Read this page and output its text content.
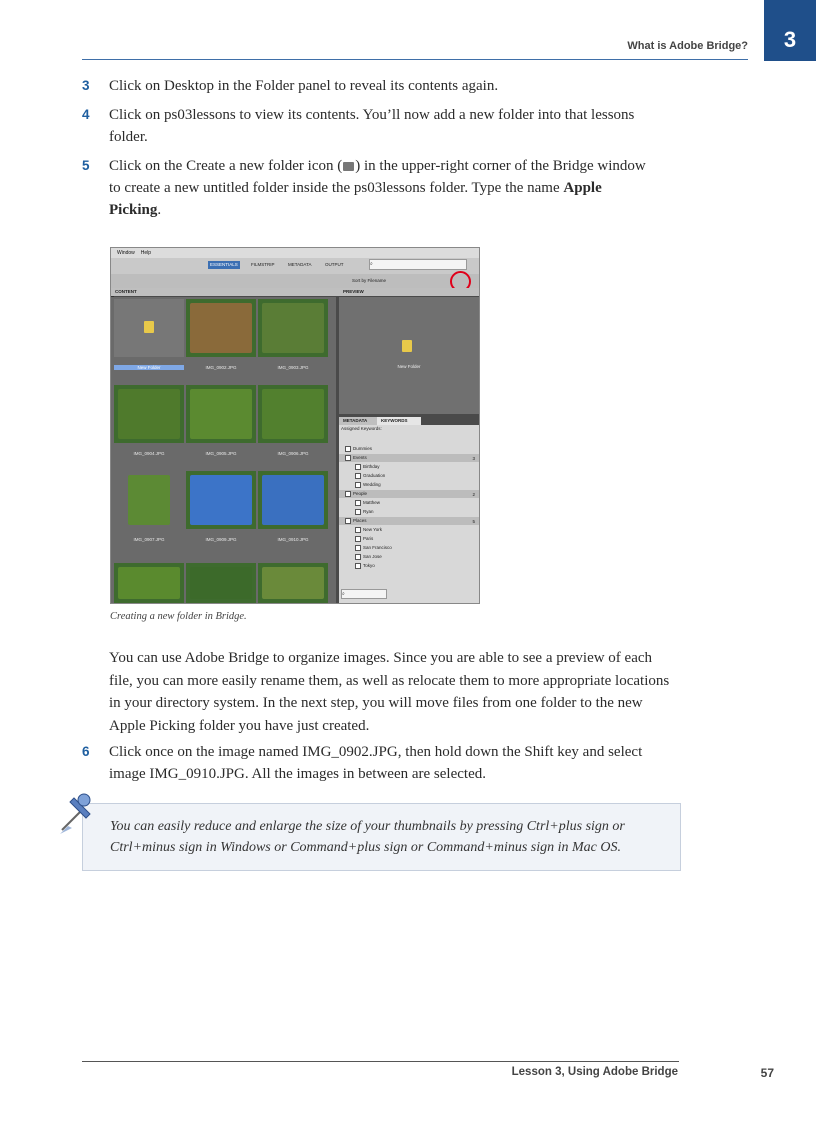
What is Adobe Bridge?	3
3 Click on Desktop in the Folder panel to reveal its contents again.
4 Click on ps03lessons to view its contents. You’ll now add a new folder into that lessons folder.
5 Click on the Create a new folder icon ( ) in the upper-right corner of the Bridge window to create a new untitled folder inside the ps03lessons folder. Type the name Apple Picking.
Window Help
ESSENTIALS	FILMSTRIP	METADATA	OUTPUT	⌕
Sort by Filename
CONTENT	PREVIEW
New Folder	IMG_0902.JPG	IMG_0903.JPG
IMG_0904.JPG	IMG_0905.JPG	IMG_0906.JPG
IMG_0907.JPG	IMG_0909.JPG	IMG_0910.JPG
New Folder
METADATA	KEYWORDS
Assigned Keywords:
Dummies
Events	3
Birthday
Graduation
Wedding
People	2
Matthew
Ryan
Places	5
New York
Paris
San Francisco
San Jose
Tokyo
⌕
Creating a new folder in Bridge.
You can use Adobe Bridge to organize images. Since you are able to see a preview of each file, you can more easily rename them, as well as relocate them to more appropriate locations in your directory system. In the next step, you will move files from one folder to the new Apple Picking folder you have just created.
6 Click once on the image named IMG_0902.JPG, then hold down the Shift key and select image IMG_0910.JPG. All the images in between are selected.
You can easily reduce and enlarge the size of your thumbnails by pressing Ctrl+plus sign or Ctrl+minus sign in Windows or Command+plus sign or Command+minus sign in Mac OS.
Lesson 3, Using Adobe Bridge	57
